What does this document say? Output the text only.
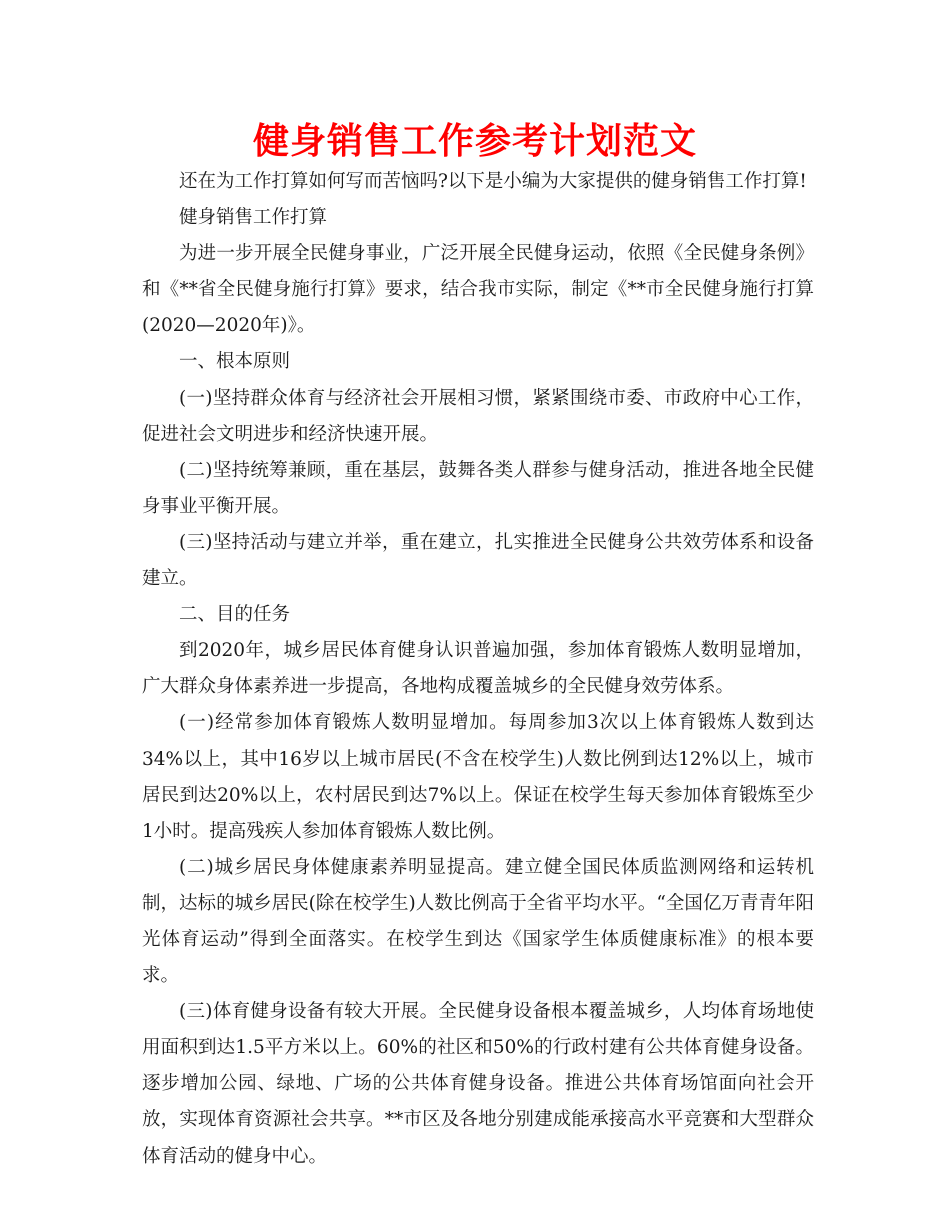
健身销售工作参考计划范文

还在为工作打算如何写而苦恼吗?以下是小编为大家提供的健身销售工作打算!

健身销售工作打算

为进一步开展全民健身事业，广泛开展全民健身运动，依照《全民健身条例》和《**省全民健身施行打算》要求，结合我市实际，制定《**市全民健身施行打算(2020—2020年)》。

一、根本原则

(一)坚持群众体育与经济社会开展相习惯，紧紧围绕市委、市政府中心工作，促进社会文明进步和经济快速开展。

(二)坚持统筹兼顾，重在基层，鼓舞各类人群参与健身活动，推进各地全民健身事业平衡开展。

(三)坚持活动与建立并举，重在建立，扎实推进全民健身公共效劳体系和设备建立。

二、目的任务

到2020年，城乡居民体育健身认识普遍加强，参加体育锻炼人数明显增加，广大群众身体素养进一步提高，各地构成覆盖城乡的全民健身效劳体系。

(一)经常参加体育锻炼人数明显增加。每周参加3次以上体育锻炼人数到达34%以上，其中16岁以上城市居民(不含在校学生)人数比例到达12%以上，城市居民到达20%以上，农村居民到达7%以上。保证在校学生每天参加体育锻炼至少1小时。提高残疾人参加体育锻炼人数比例。

(二)城乡居民身体健康素养明显提高。建立健全国民体质监测网络和运转机制，达标的城乡居民(除在校学生)人数比例高于全省平均水平。“全国亿万青青年阳光体育运动”得到全面落实。在校学生到达《国家学生体质健康标准》的根本要求。

(三)体育健身设备有较大开展。全民健身设备根本覆盖城乡，人均体育场地使用面积到达1.5平方米以上。60%的社区和50%的行政村建有公共体育健身设备。逐步增加公园、绿地、广场的公共体育健身设备。推进公共体育场馆面向社会开放，实现体育资源社会共享。**市区及各地分别建成能承接高水平竞赛和大型群众体育活动的健身中心。
